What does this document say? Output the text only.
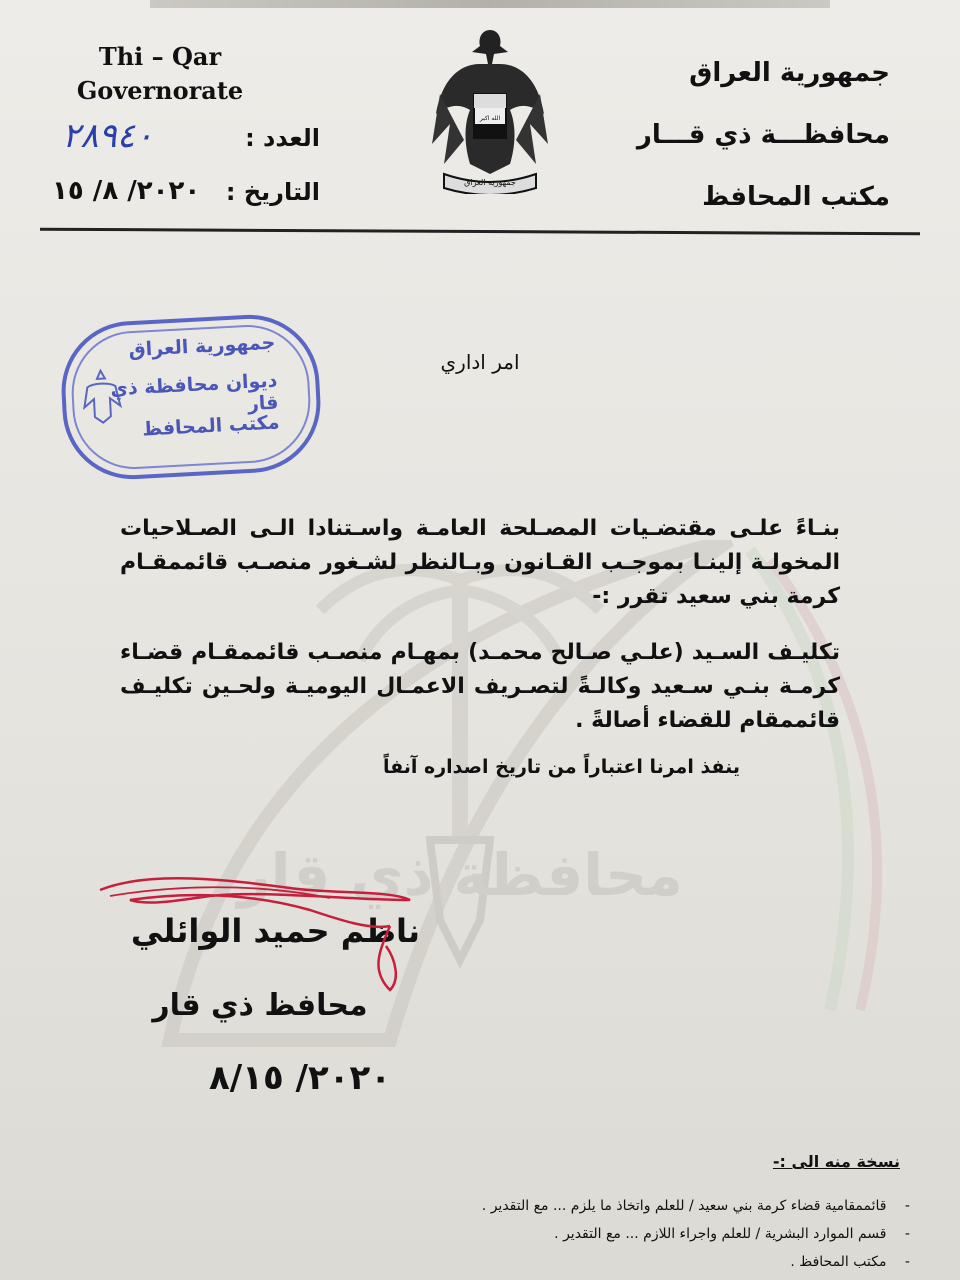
Thi – Qar
Governorate
٢٨٩٤٠	العدد :
٢٠٢٠/ ٨/ ١٥	التاريخ :
الله اكبر
جمهورية العراق
جمهورية العراق
محافظـــة ذي قـــار
مكتب المحافظ
جمهورية العراق
ديوان محافظة ذي قار
مكتب المحافظ
امر اداري
محافظة ذي قار
بنـاءً علـى مقتضـيات المصـلحة العامـة واسـتنادا الـى الصـلاحيات المخولـة إلينـا بموجـب القـانون وبـالنظر لشـغور منصـب قائممقـام كرمة بني سعيد تقرر :-
تكليـف السـيد (علـي صـالح محمـد) بمهـام منصـب قائممقـام قضـاء كرمـة بنـي سـعيد وكالـةً لتصـريف الاعمـال اليوميـة ولحـين تكليـف قائممقام للقضاء أصالةً .
ينفذ امرنا اعتباراً من تاريخ اصداره آنفاً
ناظم حميد الوائلي
محافظ ذي قار
٢٠٢٠/ ٨/١٥
نسخة منه الى :-
- قائممقامية قضاء كرمة بني سعيد / للعلم واتخاذ ما يلزم ... مع التقدير .
- قسم الموارد البشرية / للعلم واجراء اللازم ... مع التقدير .
- مكتب المحافظ .
